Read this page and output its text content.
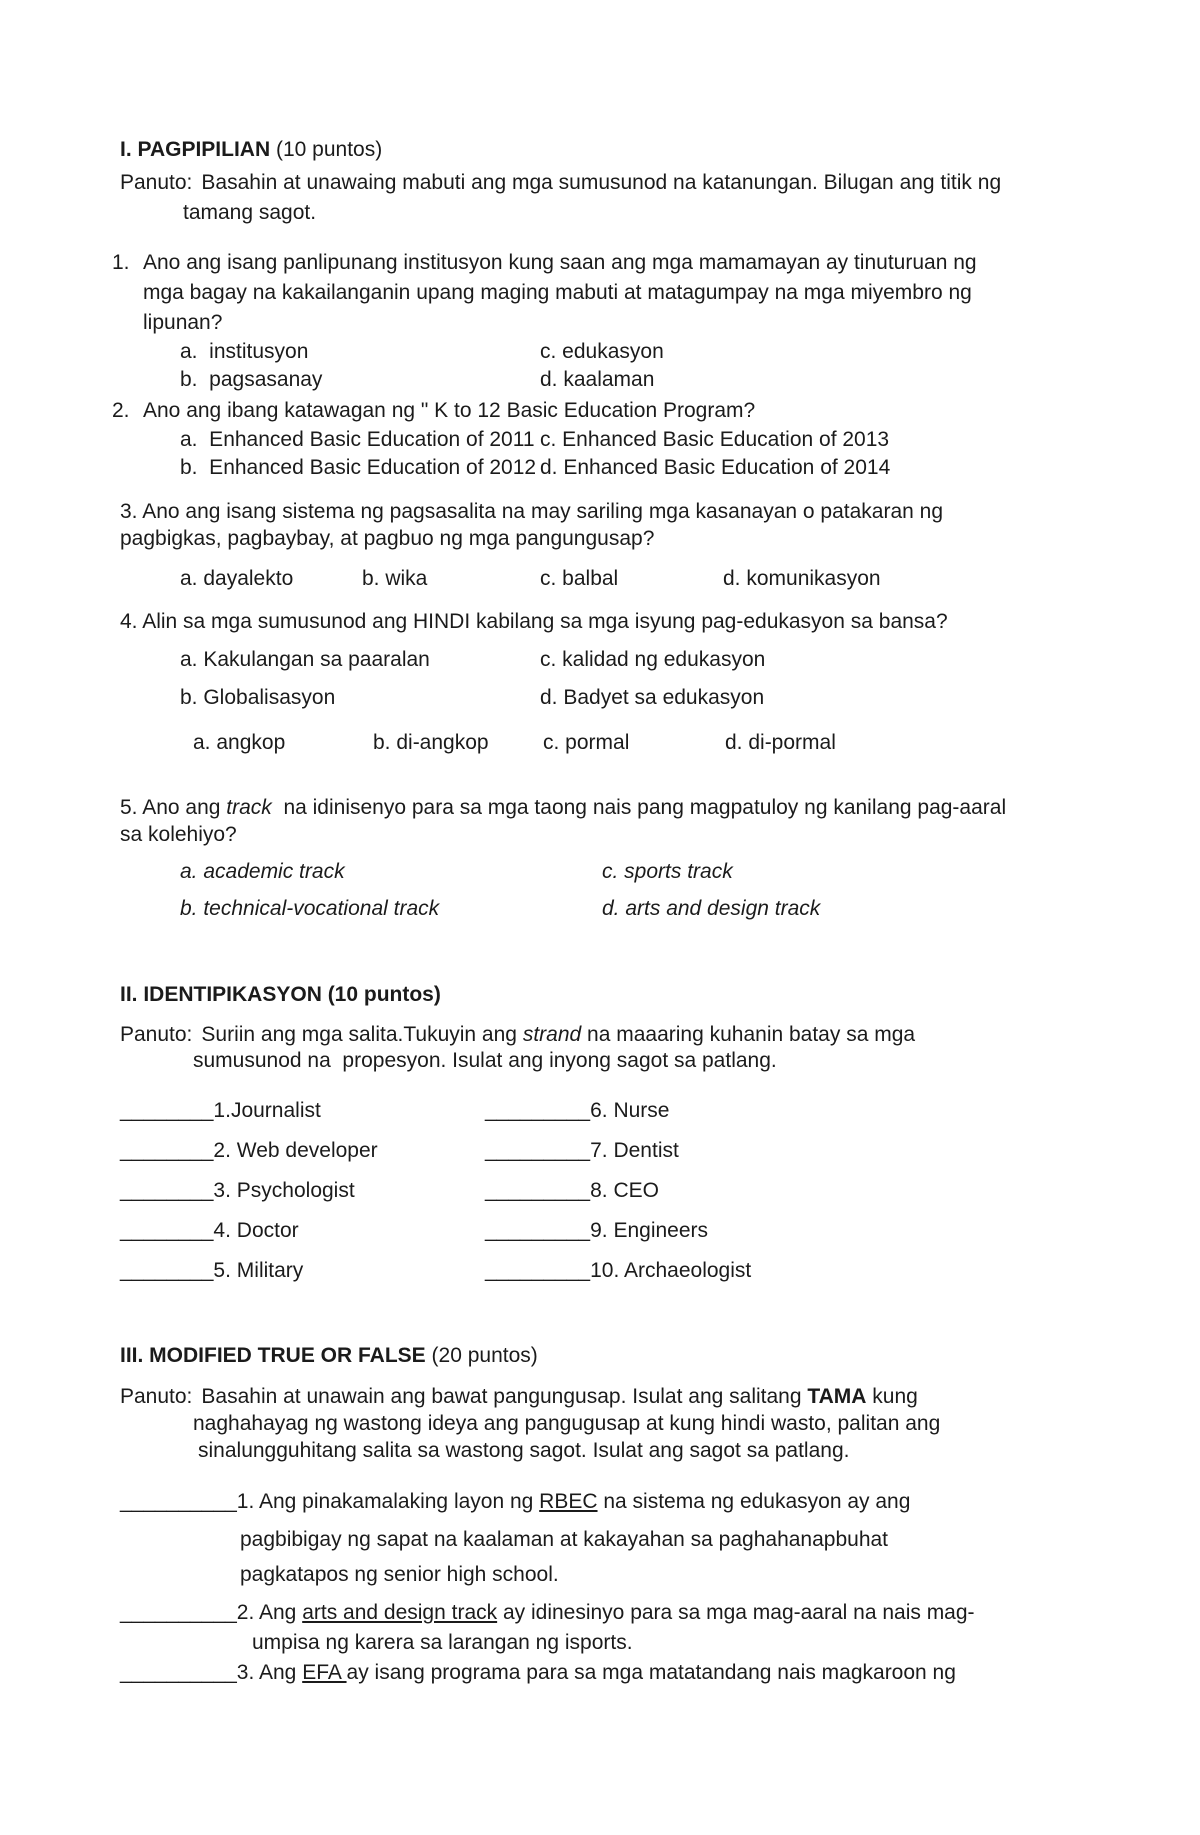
I. PAGPIPILIAN (10 puntos)
Panuto: Basahin at unawaing mabuti ang mga sumusunod na katanungan. Bilugan ang titik ng
tamang sagot.
1. Ano ang isang panlipunang institusyon kung saan ang mga mamamayan ay tinuturuan ng
mga bagay na kakailanganin upang maging mabuti at matagumpay na mga miyembro ng
lipunan?
a.  institusyon	c. edukasyon
b.  pagsasanay	d. kaalaman
2. Ano ang ibang katawagan ng " K to 12 Basic Education Program?
a.  Enhanced Basic Education of 2011 c. Enhanced Basic Education of 2013
b.  Enhanced Basic Education of 2012 d. Enhanced Basic Education of 2014
3. Ano ang isang sistema ng pagsasalita na may sariling mga kasanayan o patakaran ng
pagbigkas, pagbaybay, at pagbuo ng mga pangungusap?
a. dayalekto	b. wika	c. balbal	d. komunikasyon
4. Alin sa mga sumusunod ang HINDI kabilang sa mga isyung pag-edukasyon sa bansa?
a. Kakulangan sa paaralan	c. kalidad ng edukasyon
b. Globalisasyon	d. Badyet sa edukasyon
a. angkop	b. di-angkop	c. pormal	d. di-pormal
5. Ano ang track  na idinisenyo para sa mga taong nais pang magpatuloy ng kanilang pag-aaral
sa kolehiyo?
a. academic track	c. sports track
b. technical-vocational track	d. arts and design track
II. IDENTIPIKASYON (10 puntos)
Panuto: Suriin ang mga salita.Tukuyin ang strand na maaaring kuhanin batay sa mga
sumusunod na  propesyon. Isulat ang inyong sagot sa patlang.
________1.Journalist	_________6. Nurse
________2. Web developer	_________7. Dentist
________3. Psychologist	_________8. CEO
________4. Doctor	_________9. Engineers
________5. Military	_________10. Archaeologist
III. MODIFIED TRUE OR FALSE (20 puntos)
Panuto: Basahin at unawain ang bawat pangungusap. Isulat ang salitang TAMA kung
naghahayag ng wastong ideya ang pangugusap at kung hindi wasto, palitan ang
sinalungguhitang salita sa wastong sagot. Isulat ang sagot sa patlang.
__________1. Ang pinakamalaking layon ng RBEC na sistema ng edukasyon ay ang
pagbibigay ng sapat na kaalaman at kakayahan sa paghahanapbuhat
pagkatapos ng senior high school.
__________2. Ang arts and design track ay idinesinyo para sa mga mag-aaral na nais mag-
umpisa ng karera sa larangan ng isports.
__________3. Ang EFA ay isang programa para sa mga matatandang nais magkaroon ng
